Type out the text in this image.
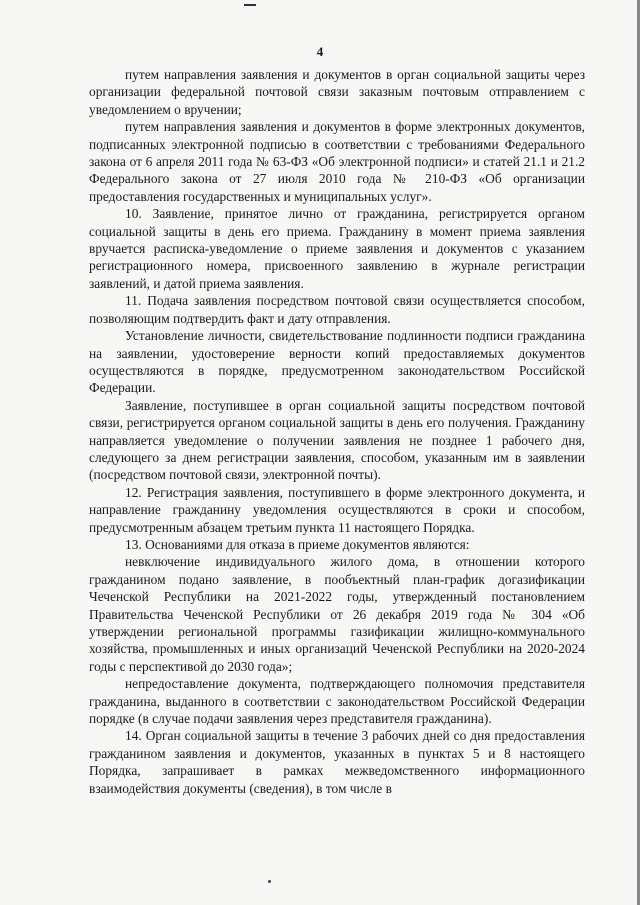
4

путем направления заявления и документов в орган социальной защиты через организации федеральной почтовой связи заказным почтовым отправлением с уведомлением о вручении;

путем направления заявления и документов в форме электронных документов, подписанных электронной подписью в соответствии с требованиями Федерального закона от 6 апреля 2011 года № 63-ФЗ «Об электронной подписи» и статей 21.1 и 21.2 Федерального закона от 27 июля 2010 года № 210-ФЗ «Об организации предоставления государственных и муниципальных услуг».

10. Заявление, принятое лично от гражданина, регистрируется органом социальной защиты в день его приема. Гражданину в момент приема заявления вручается расписка-уведомление о приеме заявления и документов с указанием регистрационного номера, присвоенного заявлению в журнале регистрации заявлений, и датой приема заявления.

11. Подача заявления посредством почтовой связи осуществляется способом, позволяющим подтвердить факт и дату отправления.

Установление личности, свидетельствование подлинности подписи гражданина на заявлении, удостоверение верности копий предоставляемых документов осуществляются в порядке, предусмотренном законодательством Российской Федерации.

Заявление, поступившее в орган социальной защиты посредством почтовой связи, регистрируется органом социальной защиты в день его получения. Гражданину направляется уведомление о получении заявления не позднее 1 рабочего дня, следующего за днем регистрации заявления, способом, указанным им в заявлении (посредством почтовой связи, электронной почты).

12. Регистрация заявления, поступившего в форме электронного документа, и направление гражданину уведомления осуществляются в сроки и способом, предусмотренным абзацем третьим пункта 11 настоящего Порядка.

13. Основаниями для отказа в приеме документов являются:

невключение индивидуального жилого дома, в отношении которого гражданином подано заявление, в пообъектный план-график догазификации Чеченской Республики на 2021-2022 годы, утвержденный постановлением Правительства Чеченской Республики от 26 декабря 2019 года № 304 «Об утверждении региональной программы газификации жилищно-коммунального хозяйства, промышленных и иных организаций Чеченской Республики на 2020-2024 годы с перспективой до 2030 года»;

непредоставление документа, подтверждающего полномочия представителя гражданина, выданного в соответствии с законодательством Российской Федерации порядке (в случае подачи заявления через представителя гражданина).

14. Орган социальной защиты в течение 3 рабочих дней со дня предоставления гражданином заявления и документов, указанных в пунктах 5 и 8 настоящего Порядка, запрашивает в рамках межведомственного информационного взаимодействия документы (сведения), в том числе в
